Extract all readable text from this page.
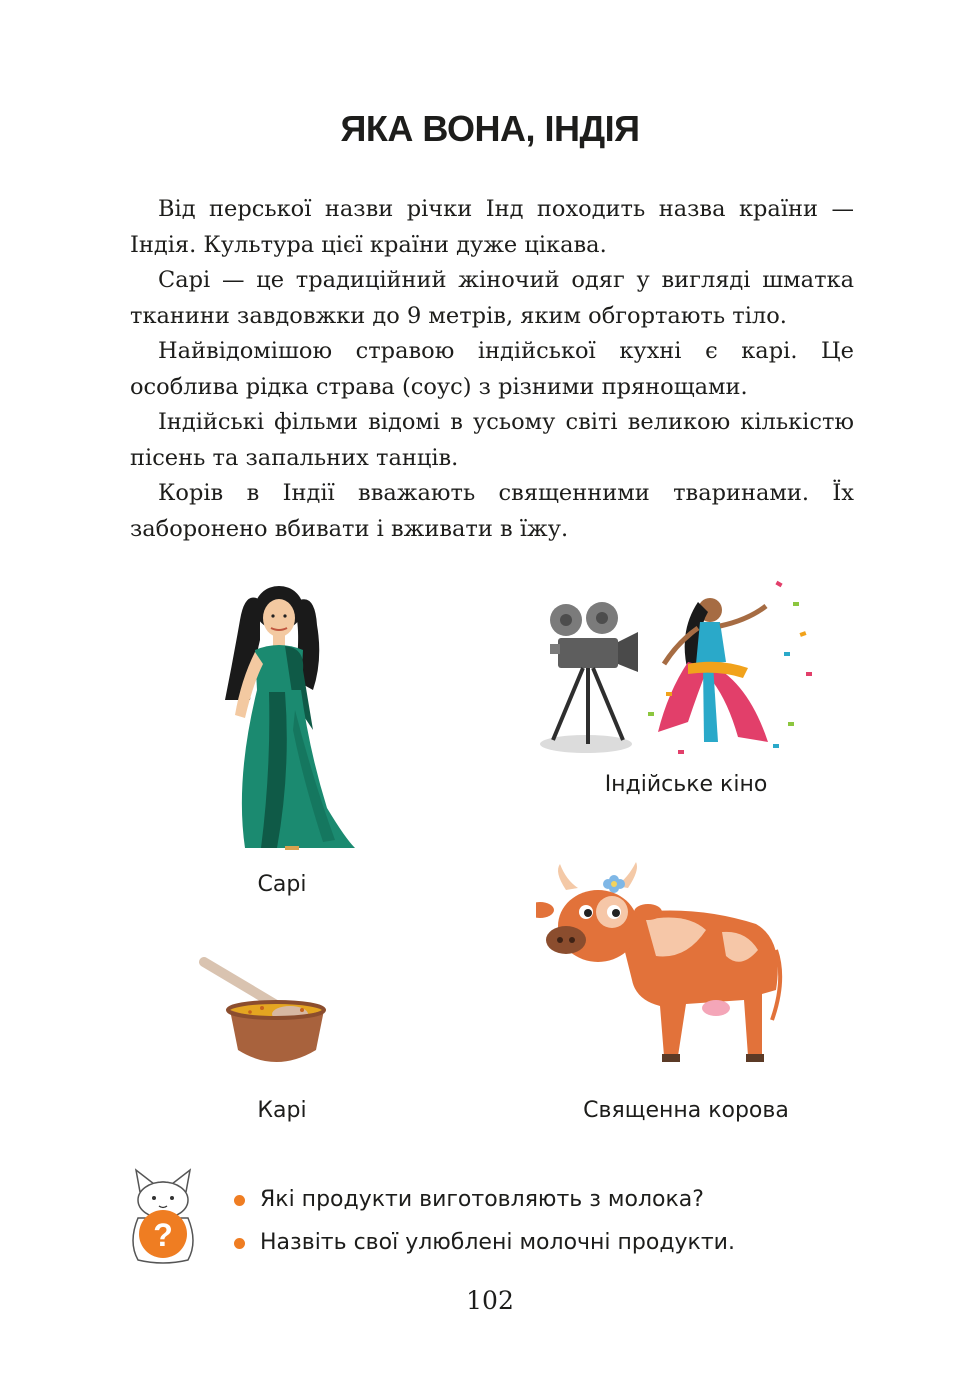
ЯКА ВОНА, ІНДІЯ

Від перської назви річки Інд походить назва країни — Індія. Культура цієї країни дуже цікава.

Сарі — це традиційний жіночий одяг у вигляді шматка тканини завдовжки до 9 метрів, яким обгортають тіло.

Найвідомішою стравою індійської кухні є карі. Це особлива рідка страва (соус) з різними прянощами.

Індійські фільми відомі в усьому світі великою кількістю пісень та запальних танців.

Корів в Індії вважають священними тваринами. Їх заборонено вбивати і вживати в їжу.

Сарі
Індійське кіно
Карі	Священна корова
?
Які продукти виготовляють з молока?
Назвіть свої улюблені молочні продукти.
102
